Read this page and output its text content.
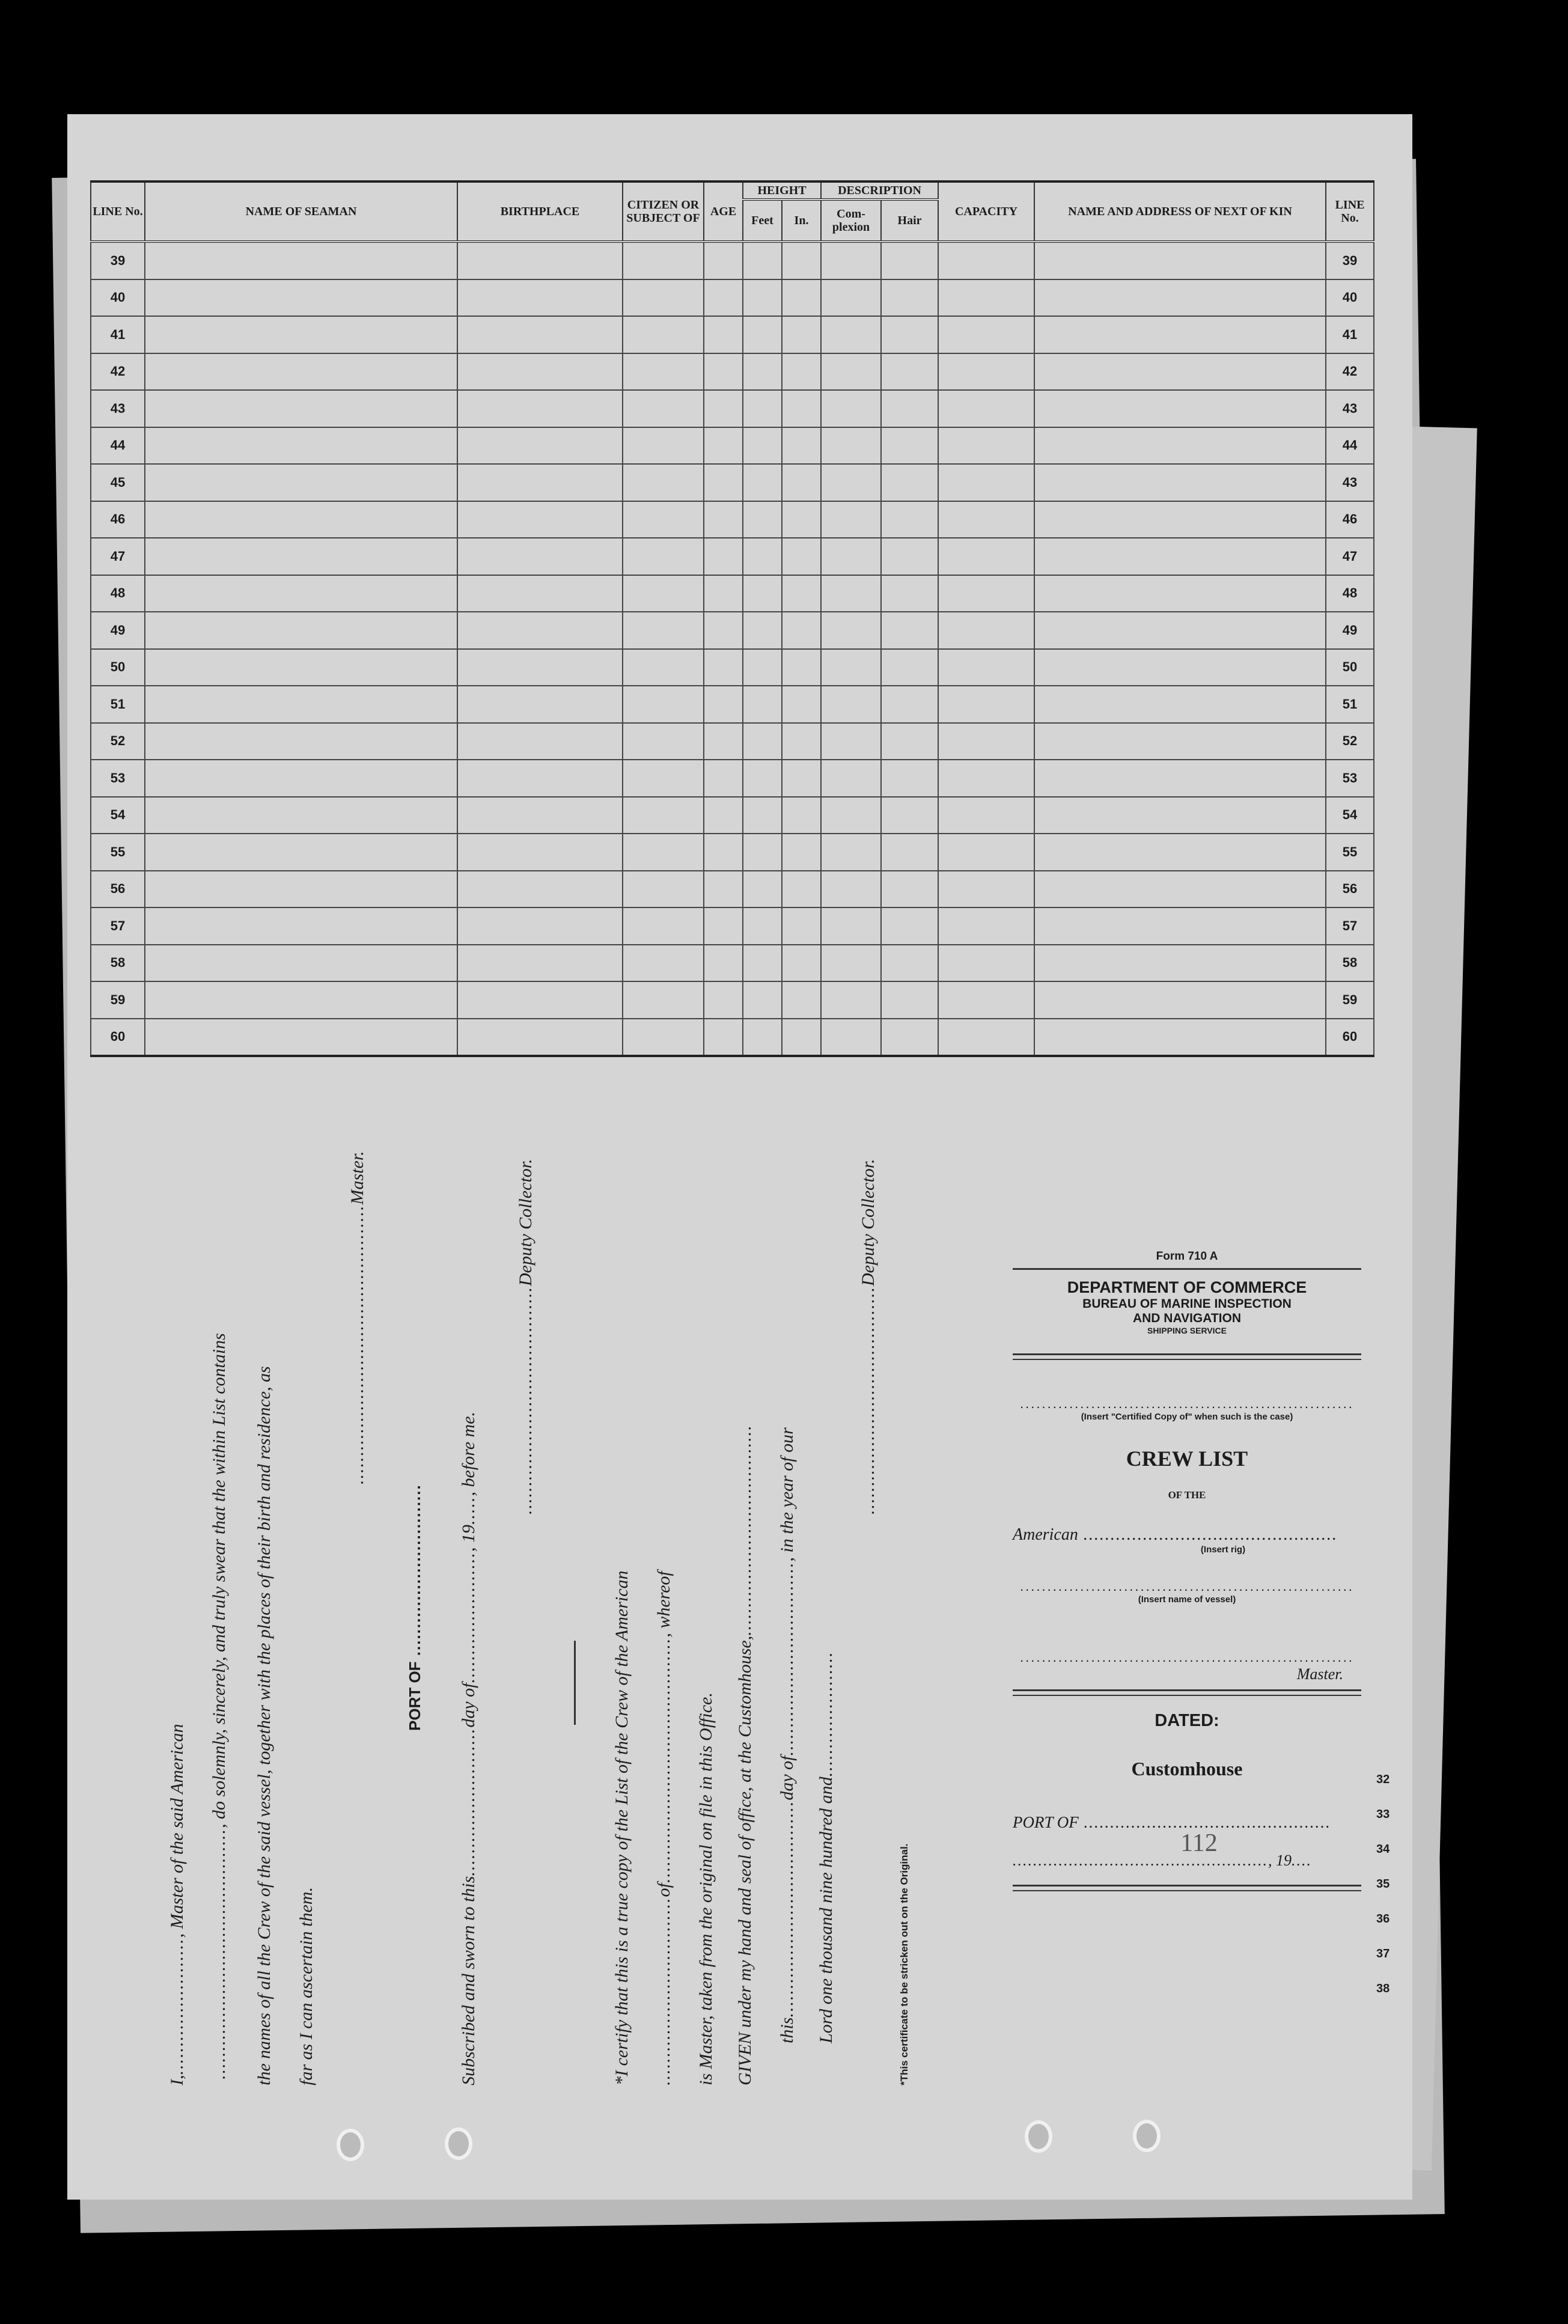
LINE No.	NAME OF SEAMAN	BIRTHPLACE	CITIZEN OR SUBJECT OF	AGE	HEIGHT		DESCRIPTION		CAPACITY	NAME AND ADDRESS OF NEXT OF KIN	LINE No.
					Feet	In.	Com- plexion	Hair			
39											39
40											40
41											41
42											42
43											43
44											44
45											43
46											46
47											47
48											48
49											49
50											50
51											51
52											52
53											53
54											54
55											55
56											56
57											57
58											58
59											59
60											60
I,........................, Master of the said American	............................................, do solemnly, sincerely, and truly swear that the within List contains	the names of all the Crew of the said vessel, together with the places of their birth and residence, as	far as I can ascertain them.
.................................................Master.
PORT OF ...............................
Subscribed and sworn to this..........................day of......................., 19....., before me.	........................................Deputy Collector.
*I certify that this is a true copy of the List of the Crew of the American	.................................of..........................................., whereof
is Master, taken from the original on file in this Office.	GIVEN under my hand and seal of office, at the Customhouse,.....................................
this......................................day of.................................., in the year of our
Lord one thousand nine hundred and......................
........................................Deputy Collector.
*This certificate to be stricken out on the Original.
Form 710 A
DEPARTMENT OF COMMERCE
BUREAU OF MARINE INSPECTION
AND NAVIGATION
SHIPPING SERVICE
.............................................................
(Insert "Certified Copy of" when such is the case)
CREW LIST
OF THE
American ...............................................
(Insert rig)
.............................................................
(Insert name of vessel)
.............................................................
Master.
DATED:
Customhouse
PORT OF ...............................................
112
.................................................., 19....
32
33
34
35
36
37
38
